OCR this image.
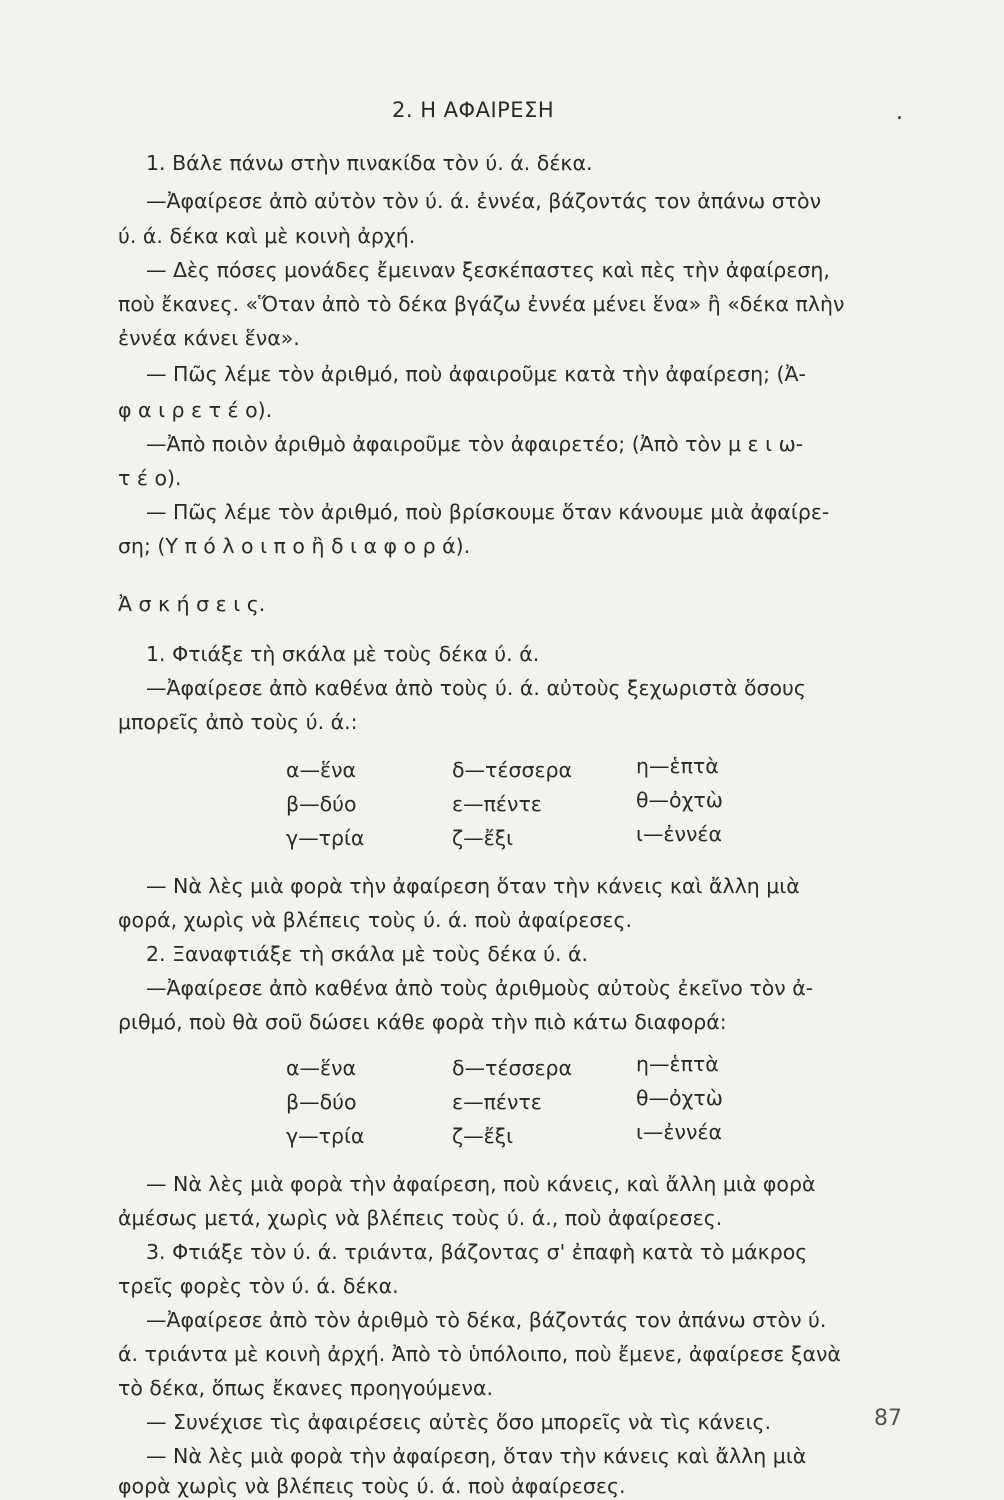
2. Η ΑΦΑΙΡΕΣΗ	.
1. Βάλε πάνω στὴν πινακίδα τὸν ύ. ά. δέκα.
—Ἀφαίρεσε ἀπὸ αὐτὸν τὸν ύ. ά. ἐννέα, βάζοντάς τον ἀπάνω στὸν
ύ. ά. δέκα καὶ μὲ κοινὴ ἀρχή.
— Δὲς πόσες μονάδες ἔμειναν ξεσκέπαστες καὶ πὲς τὴν ἀφαίρεση,
ποὺ ἔκανες. «Ὅταν ἀπὸ τὸ δέκα βγάζω ἐννέα μένει ἕνα» ἢ «δέκα πλὴν
ἐννέα κάνει ἕνα».
— Πῶς λέμε τὸν ἀριθμό, ποὺ ἀφαιροῦμε κατὰ τὴν ἀφαίρεση; (Ἀ-
φ α ι ρ ε τ έ ο).
—Ἀπὸ ποιὸν ἀριθμὸ ἀφαιροῦμε τὸν ἀφαιρετέο; (Ἀπὸ τὸν μ ε ι ω-
τ έ ο).
— Πῶς λέμε τὸν ἀριθμό, ποὺ βρίσκουμε ὅταν κάνουμε μιὰ ἀφαίρε-
ση; (Υ π ό λ ο ι π ο ἢ δ ι α φ ο ρ ά).
Ἀ σ κ ή σ ε ι ς.
1. Φτιάξε τὴ σκάλα μὲ τοὺς δέκα ύ. ά.
—Ἀφαίρεσε ἀπὸ καθένα ἀπὸ τοὺς ύ. ά. αὐτοὺς ξεχωριστὰ ὅσους
μπορεῖς ἀπὸ τοὺς ύ. ά.:
α—ἕνα	δ—τέσσερα	η—ἑπτὰ
β—δύο	ε—πέντε	θ—ὀχτὼ
γ—τρία	ζ—ἔξι	ι—ἐννέα
— Νὰ λὲς μιὰ φορὰ τὴν ἀφαίρεση ὅταν τὴν κάνεις καὶ ἄλλη μιὰ
φορά, χωρὶς νὰ βλέπεις τοὺς ύ. ά. ποὺ ἀφαίρεσες.
2. Ξαναφτιάξε τὴ σκάλα μὲ τοὺς δέκα ύ. ά.
—Ἀφαίρεσε ἀπὸ καθένα ἀπὸ τοὺς ἀριθμοὺς αὐτοὺς ἐκεῖνο τὸν ἀ-
ριθμό, ποὺ θὰ σοῦ δώσει κάθε φορὰ τὴν πιὸ κάτω διαφορά:
α—ἕνα	δ—τέσσερα	η—ἑπτὰ
β—δύο	ε—πέντε	θ—ὀχτὼ
γ—τρία	ζ—ἔξι	ι—ἐννέα
— Νὰ λὲς μιὰ φορὰ τὴν ἀφαίρεση, ποὺ κάνεις, καὶ ἄλλη μιὰ φορὰ
ἀμέσως μετά, χωρὶς νὰ βλέπεις τοὺς ύ. ά., ποὺ ἀφαίρεσες.
3. Φτιάξε τὸν ύ. ά. τριάντα, βάζοντας σ' ἐπαφὴ κατὰ τὸ μάκρος
τρεῖς φορὲς τὸν ύ. ά. δέκα.
—Ἀφαίρεσε ἀπὸ τὸν ἀριθμὸ τὸ δέκα, βάζοντάς τον ἀπάνω στὸν ύ.
ά. τριάντα μὲ κοινὴ ἀρχή. Ἀπὸ τὸ ὑπόλοιπο, ποὺ ἔμενε, ἀφαίρεσε ξανὰ
τὸ δέκα, ὅπως ἔκανες προηγούμενα.
— Συνέχισε τὶς ἀφαιρέσεις αὐτὲς ὅσο μπορεῖς νὰ τὶς κάνεις.
— Νὰ λὲς μιὰ φορὰ τὴν ἀφαίρεση, ὅταν τὴν κάνεις καὶ ἄλλη μιὰ
φορὰ χωρὶς νὰ βλέπεις τοὺς ύ. ά. ποὺ ἀφαίρεσες.
87
